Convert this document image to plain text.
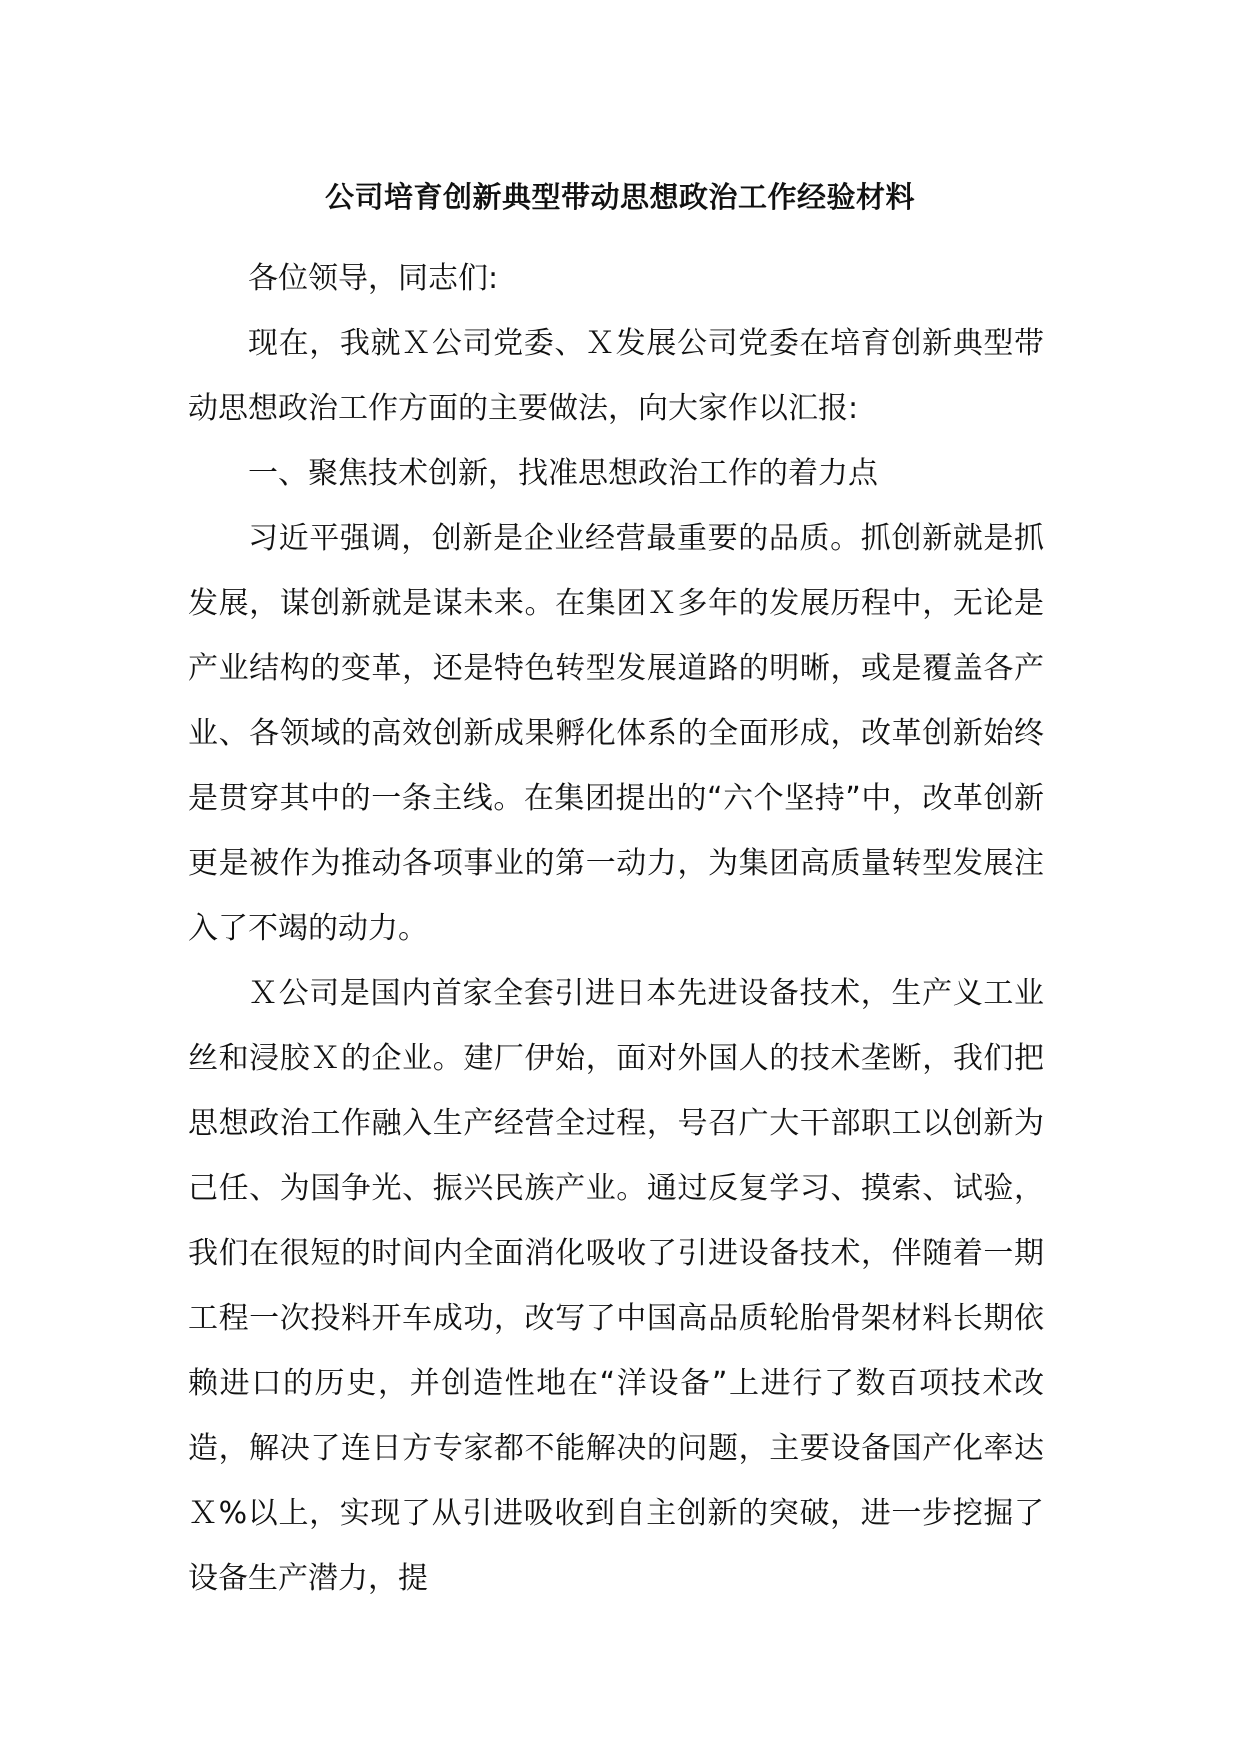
公司培育创新典型带动思想政治工作经验材料

各位领导，同志们:

现在，我就Ｘ公司党委、Ｘ发展公司党委在培育创新典型带动思想政治工作方面的主要做法，向大家作以汇报:

一、聚焦技术创新，找准思想政治工作的着力点

习近平强调，创新是企业经营最重要的品质。抓创新就是抓发展，谋创新就是谋未来。在集团Ｘ多年的发展历程中，无论是产业结构的变革，还是特色转型发展道路的明晰，或是覆盖各产业、各领域的高效创新成果孵化体系的全面形成，改革创新始终是贯穿其中的一条主线。在集团提出的“六个坚持”中，改革创新更是被作为推动各项事业的第一动力，为集团高质量转型发展注入了不竭的动力。

Ｘ公司是国内首家全套引进日本先进设备技术，生产义工业丝和浸胶Ｘ的企业。建厂伊始，面对外国人的技术垄断，我们把思想政治工作融入生产经营全过程，号召广大干部职工以创新为己任、为国争光、振兴民族产业。通过反复学习、摸索、试验，我们在很短的时间内全面消化吸收了引进设备技术，伴随着一期工程一次投料开车成功，改写了中国高品质轮胎骨架材料长期依赖进口的历史，并创造性地在“洋设备”上进行了数百项技术改造，解决了连日方专家都不能解决的问题，主要设备国产化率达Ｘ%以上，实现了从引进吸收到自主创新的突破，进一步挖掘了设备生产潜力，提
